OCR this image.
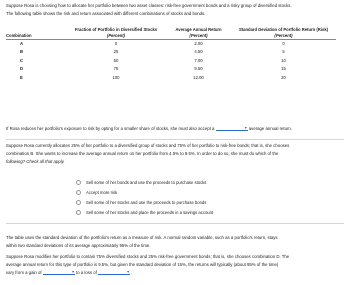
Suppose Rosa is choosing how to allocate her portfolio between two asset classes: risk-free government bonds and a risky group of diversified stocks.
The following table shows the risk and return associated with different combinations of stocks and bonds.
Combination	Fraction of Portfolio in Diversified Stocks	Average Annual Return	Standard Deviation of Portfolio Return (Risk)
	(Percent)	(Percent)	(Percent)

A	0	2.00	0
B	25	4.50	5
C	50	7.00	10
D	75	9.50	15
E	100	12.00	20
If Rosa reduces her portfolio's exposure to risk by opting for a smaller share of stocks, she must also accept a	▼ average annual return.
Suppose Rosa currently allocates 25% of her portfolio to a diversified group of stocks and 75% of her portfolio to risk-free bonds; that is, she chooses
combination B. She wants to increase the average annual return on her portfolio from 4.5% to 9.5%. In order to do so, she must do which of the
following? Check all that apply.
Sell some of her bonds and use the proceeds to purchase stocks
Accept more risk
Sell some of her stocks and use the proceeds to purchase bonds
Sell some of her stocks and place the proceeds in a savings account
The table uses the standard deviation of the portfolio's return as a measure of risk. A normal random variable, such as a portfolio's return, stays
within two standard deviations of its average approximately 95% of the time.
Suppose Rosa modifies her portfolio to contain 75% diversified stocks and 25% risk-free government bonds; that is, she chooses combination D. The
average annual return for this type of portfolio is 9.5%, but given the standard deviation of 15%, the returns will typically (about 95% of the time)
vary from a gain of	▼ to a loss of	▼ .
